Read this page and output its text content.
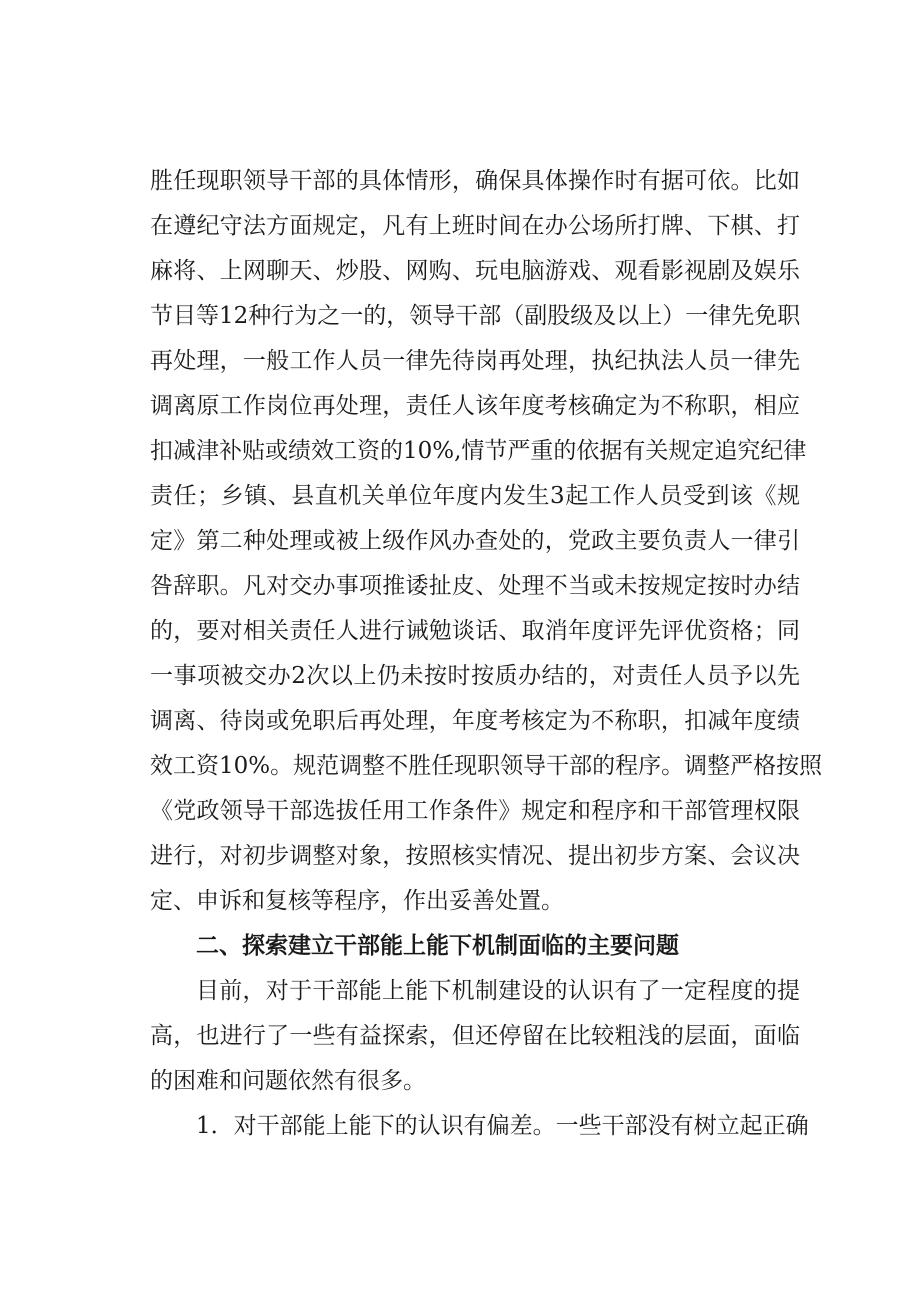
胜任现职领导干部的具体情形，确保具体操作时有据可依。比如
在遵纪守法方面规定，凡有上班时间在办公场所打牌、下棋、打
麻将、上网聊天、炒股、网购、玩电脑游戏、观看影视剧及娱乐
节目等12种行为之一的，领导干部（副股级及以上）一律先免职
再处理，一般工作人员一律先待岗再处理，执纪执法人员一律先
调离原工作岗位再处理，责任人该年度考核确定为不称职，相应
扣减津补贴或绩效工资的10%,情节严重的依据有关规定追究纪律
责任；乡镇、县直机关单位年度内发生3起工作人员受到该《规
定》第二种处理或被上级作风办查处的，党政主要负责人一律引
咎辞职。凡对交办事项推诿扯皮、处理不当或未按规定按时办结
的，要对相关责任人进行诫勉谈话、取消年度评先评优资格；同
一事项被交办2次以上仍未按时按质办结的，对责任人员予以先
调离、待岗或免职后再处理，年度考核定为不称职，扣减年度绩
效工资10%。规范调整不胜任现职领导干部的程序。调整严格按照
《党政领导干部选拔任用工作条件》规定和程序和干部管理权限
进行，对初步调整对象，按照核实情况、提出初步方案、会议决
定、申诉和复核等程序，作出妥善处置。
二、探索建立干部能上能下机制面临的主要问题
目前，对于干部能上能下机制建设的认识有了一定程度的提
高，也进行了一些有益探索，但还停留在比较粗浅的层面，面临
的困难和问题依然有很多。
1．对干部能上能下的认识有偏差。一些干部没有树立起正确
